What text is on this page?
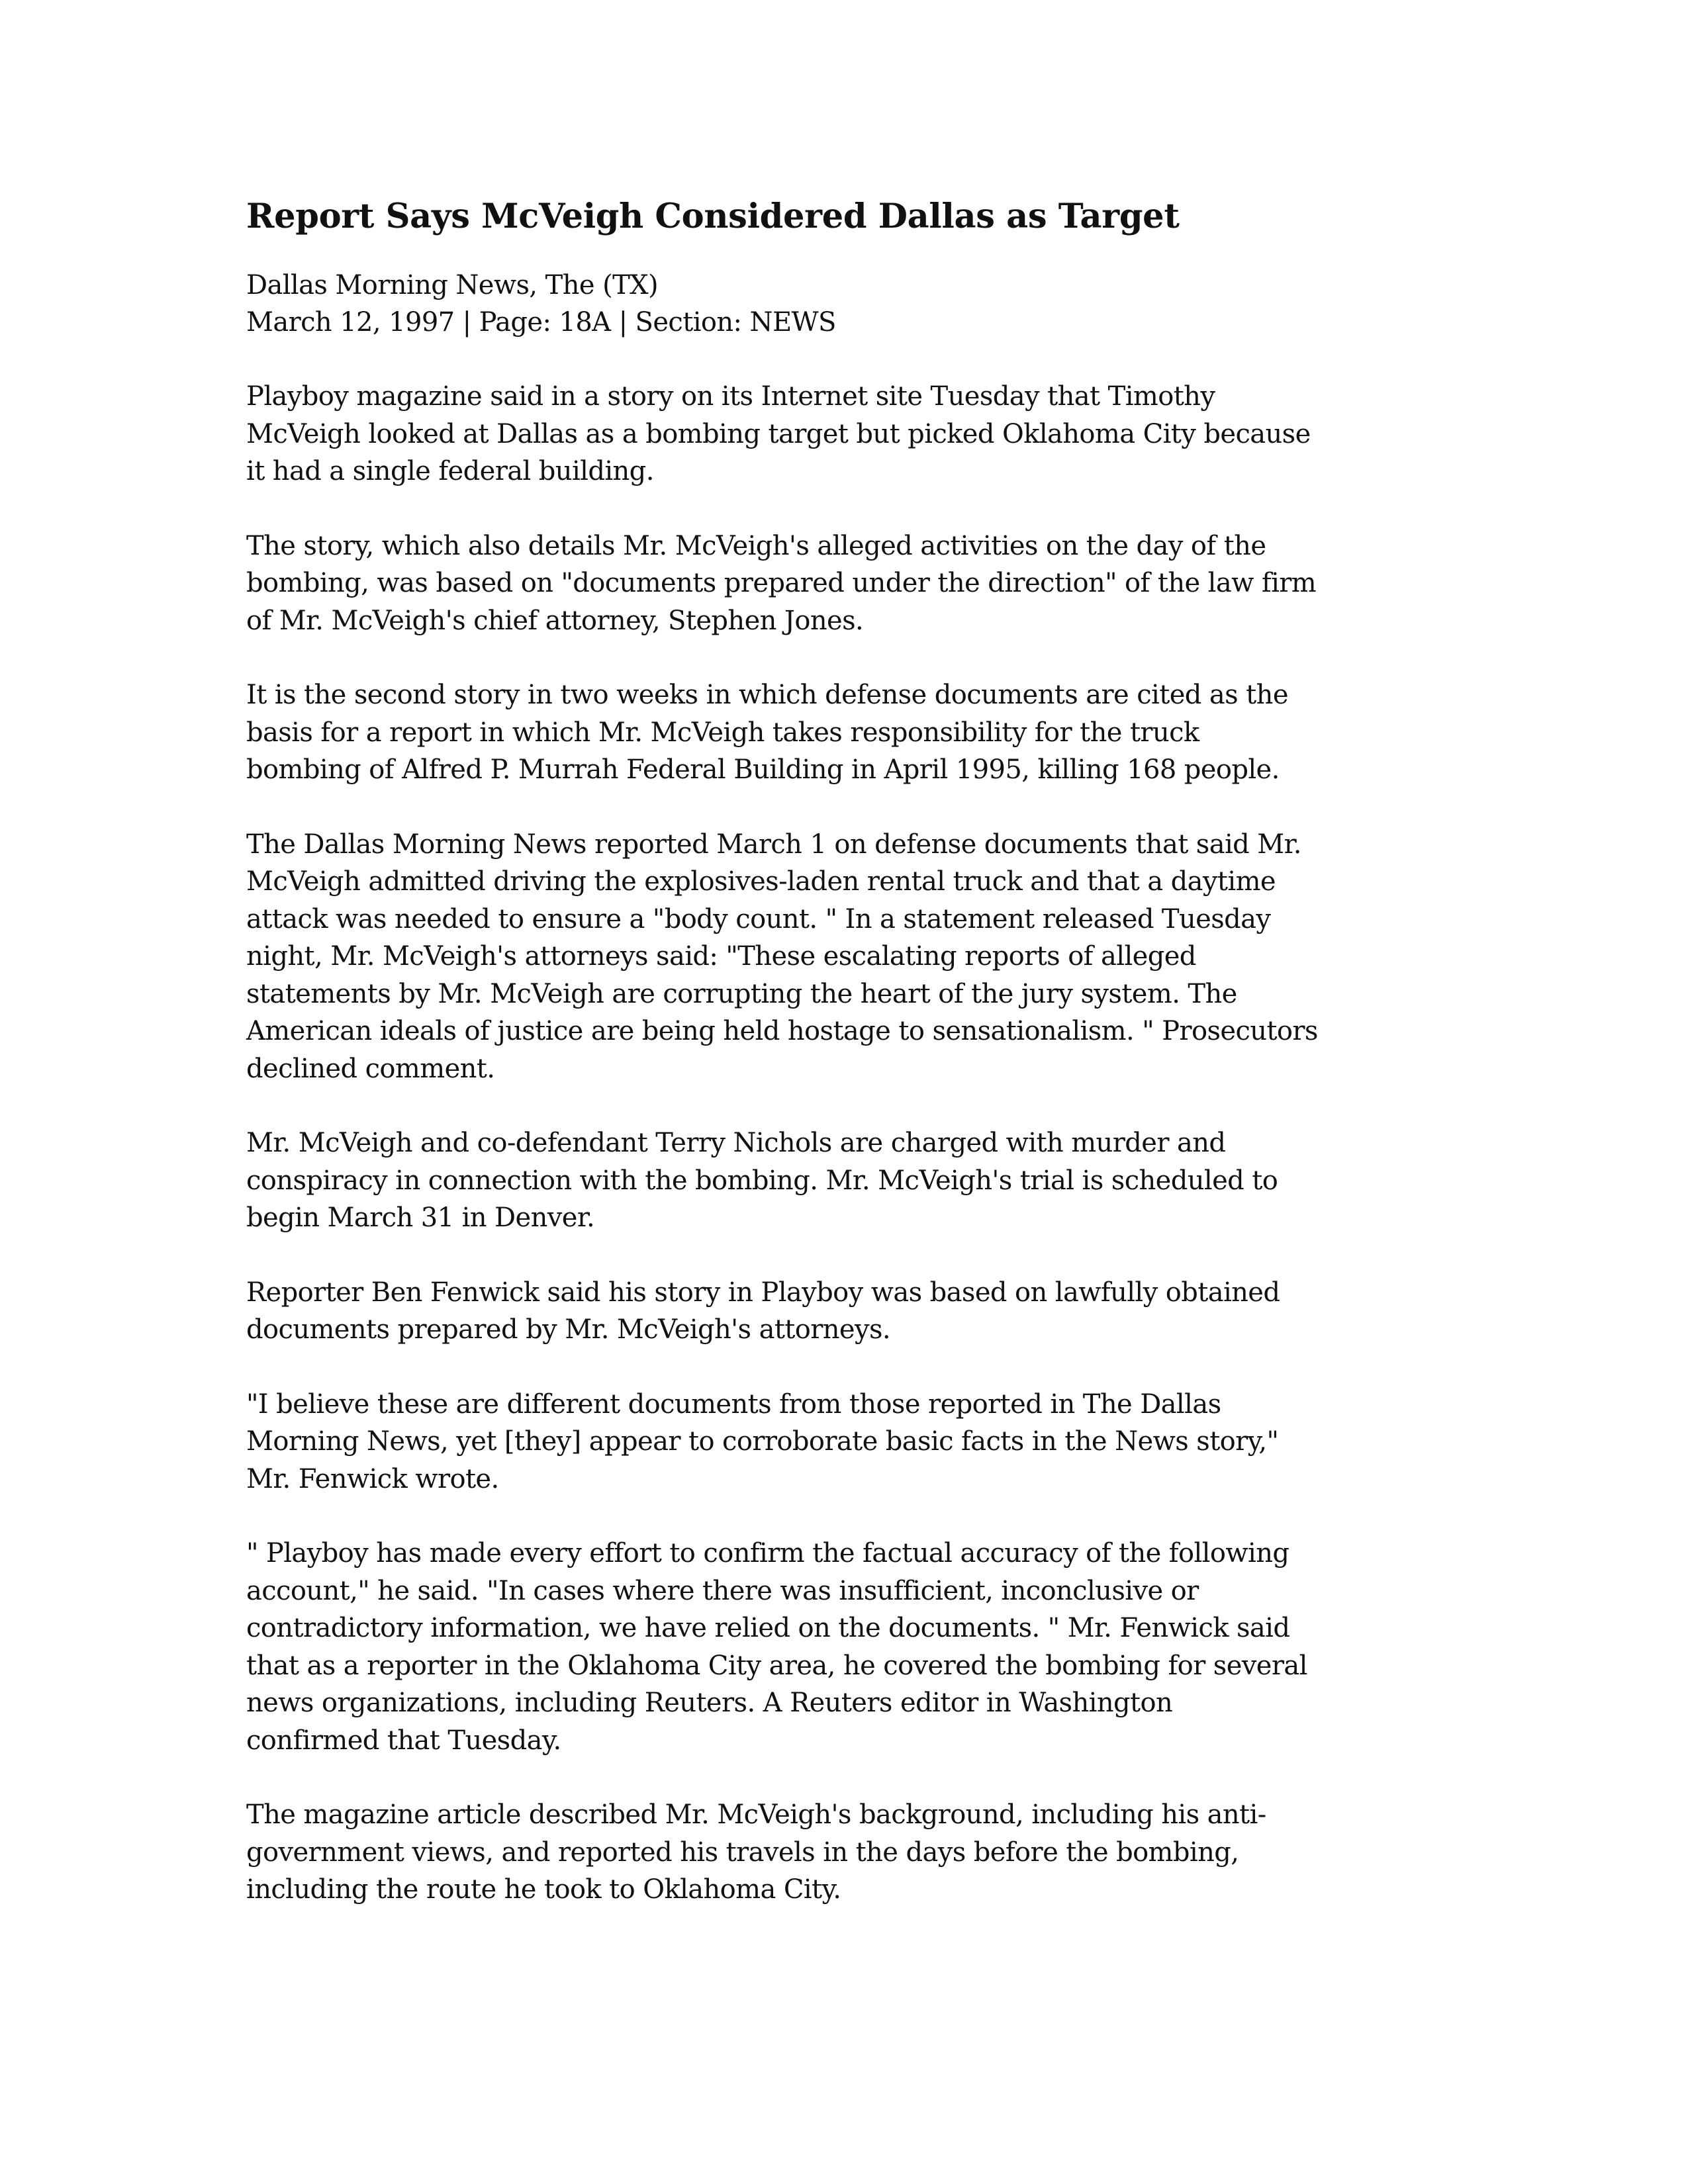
Report Says McVeigh Considered Dallas as Target

Dallas Morning News, The (TX)

March 12, 1997 | Page: 18A | Section: NEWS

Playboy magazine said in a story on its Internet site Tuesday that Timothy
McVeigh looked at Dallas as a bombing target but picked Oklahoma City because
it had a single federal building.

The story, which also details Mr. McVeigh's alleged activities on the day of the
bombing, was based on "documents prepared under the direction" of the law firm
of Mr. McVeigh's chief attorney, Stephen Jones.

It is the second story in two weeks in which defense documents are cited as the
basis for a report in which Mr. McVeigh takes responsibility for the truck
bombing of Alfred P. Murrah Federal Building in April 1995, killing 168 people.

The Dallas Morning News reported March 1 on defense documents that said Mr.
McVeigh admitted driving the explosives-laden rental truck and that a daytime
attack was needed to ensure a "body count. " In a statement released Tuesday
night, Mr. McVeigh's attorneys said: "These escalating reports of alleged
statements by Mr. McVeigh are corrupting the heart of the jury system. The
American ideals of justice are being held hostage to sensationalism. " Prosecutors
declined comment.

Mr. McVeigh and co-defendant Terry Nichols are charged with murder and
conspiracy in connection with the bombing. Mr. McVeigh's trial is scheduled to
begin March 31 in Denver.

Reporter Ben Fenwick said his story in Playboy was based on lawfully obtained
documents prepared by Mr. McVeigh's attorneys.

"I believe these are different documents from those reported in The Dallas
Morning News, yet [they] appear to corroborate basic facts in the News story,"
Mr. Fenwick wrote.

" Playboy has made every effort to confirm the factual accuracy of the following
account," he said. "In cases where there was insufficient, inconclusive or
contradictory information, we have relied on the documents. " Mr. Fenwick said
that as a reporter in the Oklahoma City area, he covered the bombing for several
news organizations, including Reuters. A Reuters editor in Washington
confirmed that Tuesday.

The magazine article described Mr. McVeigh's background, including his anti-
government views, and reported his travels in the days before the bombing,
including the route he took to Oklahoma City.
